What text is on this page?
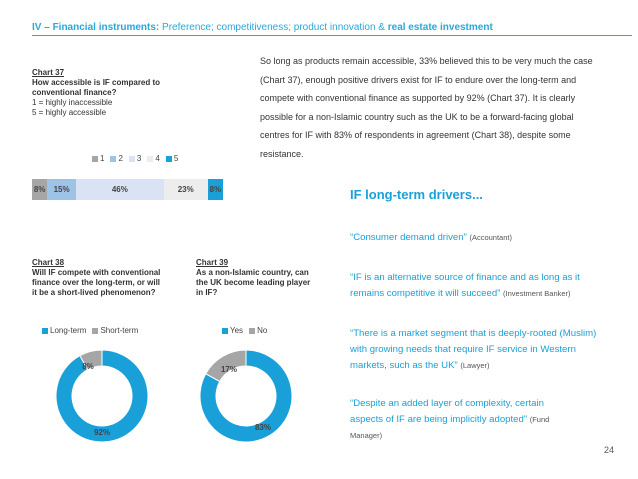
IV – Financial instruments: Preference; competitiveness; product innovation & real estate investment
Chart 37
How accessible is IF compared to conventional finance?
1 = highly inaccessible
5 = highly accessible
1 2 3 4 5
8%	15%	46%	23%	8%
Chart 38
Will IF compete with conventional finance over the long-term, or will it be a short-lived phenomenon?
Long-term Short-term
92%
8%
Chart 39
As a non-Islamic country, can the UK become leading player in IF?
Yes No
83%
17%
So long as products remain accessible, 33% believed this to be very much the case (Chart 37), enough positive drivers exist for IF to endure over the long-term and compete with conventional finance as supported by 92% (Chart 37). It is clearly possible for a non-Islamic country such as the UK to be a forward-facing global centres for IF with 83% of respondents in agreement (Chart 38), despite some resistance.
IF long-term drivers...
“Consumer demand driven” (Accountant)
“IF is an alternative source of finance and as long as it remains competitive it will succeed” (Investment Banker)
“There is a market segment that is deeply-rooted (Muslim) with growing needs that require IF service in Western markets, such as the UK” (Lawyer)
“Despite an added layer of complexity, certain aspects of IF are being implicitly adopted” (Fund Manager)
24
